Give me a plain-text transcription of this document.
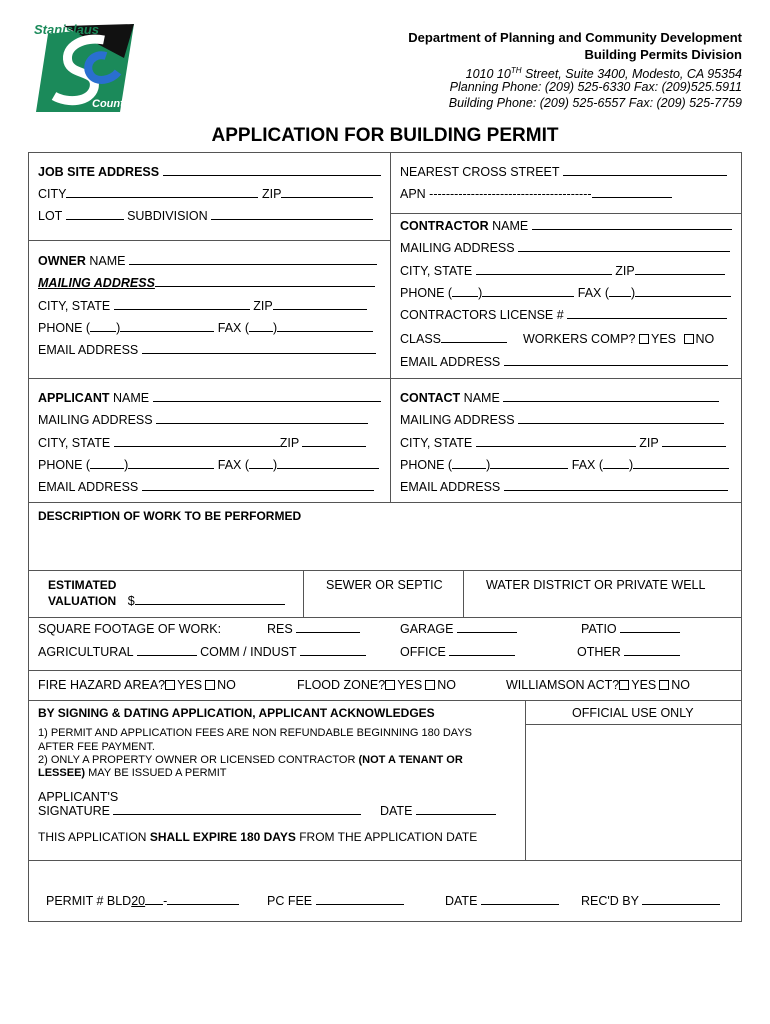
Stanislaus
County
Department of Planning and Community Development
Building Permits Division
1010 10TH Street, Suite 3400, Modesto, CA 95354
Planning Phone: (209) 525-6330 Fax: (209)525.5911
Building Phone: (209) 525-6557 Fax: (209) 525-7759
APPLICATION FOR BUILDING PERMIT
JOB SITE ADDRESS
CITY	ZIP
LOT	SUBDIVISION
NEAREST CROSS STREET
APN ---------------------------------------
OWNER NAME
MAILING ADDRESS
CITY, STATE	ZIP
PHONE ( )	FAX ( )
EMAIL ADDRESS
CONTRACTOR NAME
MAILING ADDRESS
CITY, STATE	ZIP
PHONE ( )	FAX ( )
CONTRACTORS LICENSE #
CLASS	WORKERS COMP? YES NO
EMAIL ADDRESS
APPLICANT NAME
MAILING ADDRESS
CITY, STATE	ZIP
PHONE (	)	FAX ( )
EMAIL ADDRESS
CONTACT NAME
MAILING ADDRESS
CITY, STATE	ZIP
PHONE (	)	FAX ( )
EMAIL ADDRESS
DESCRIPTION OF WORK TO BE PERFORMED
ESTIMATED
VALUATION $
SEWER OR SEPTIC	WATER DISTRICT OR PRIVATE WELL
SQUARE FOOTAGE OF WORK:	RES	GARAGE	PATIO
AGRICULTURAL	COMM / INDUST	OFFICE	OTHER
FIRE HAZARD AREA? YES NO	FLOOD ZONE? YES NO	WILLIAMSON ACT? YES NO
BY SIGNING & DATING APPLICATION, APPLICANT ACKNOWLEDGES
1) PERMIT AND APPLICATION FEES ARE NON REFUNDABLE BEGINNING 180 DAYS
AFTER FEE PAYMENT.
2) ONLY A PROPERTY OWNER OR LICENSED CONTRACTOR (NOT A TENANT OR
LESSEE) MAY BE ISSUED A PERMIT
APPLICANT'S
SIGNATURE	DATE
THIS APPLICATION SHALL EXPIRE 180 DAYS FROM THE APPLICATION DATE
OFFICIAL USE ONLY
PERMIT # BLD20 -	PC FEE	DATE	REC'D BY
